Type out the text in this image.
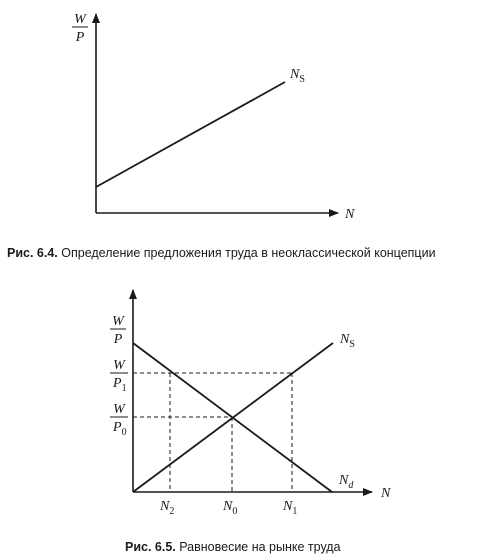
W
P
N
$N_S$
W
P
W
$P_1$
W
$P_0$
$N_2$	$N_0$	$N_1$
N
$N_S$
$N_d$
Рис. 6.4. Определение предложения труда в неоклассической концепции
Рис. 6.5. Равновесие на рынке труда
